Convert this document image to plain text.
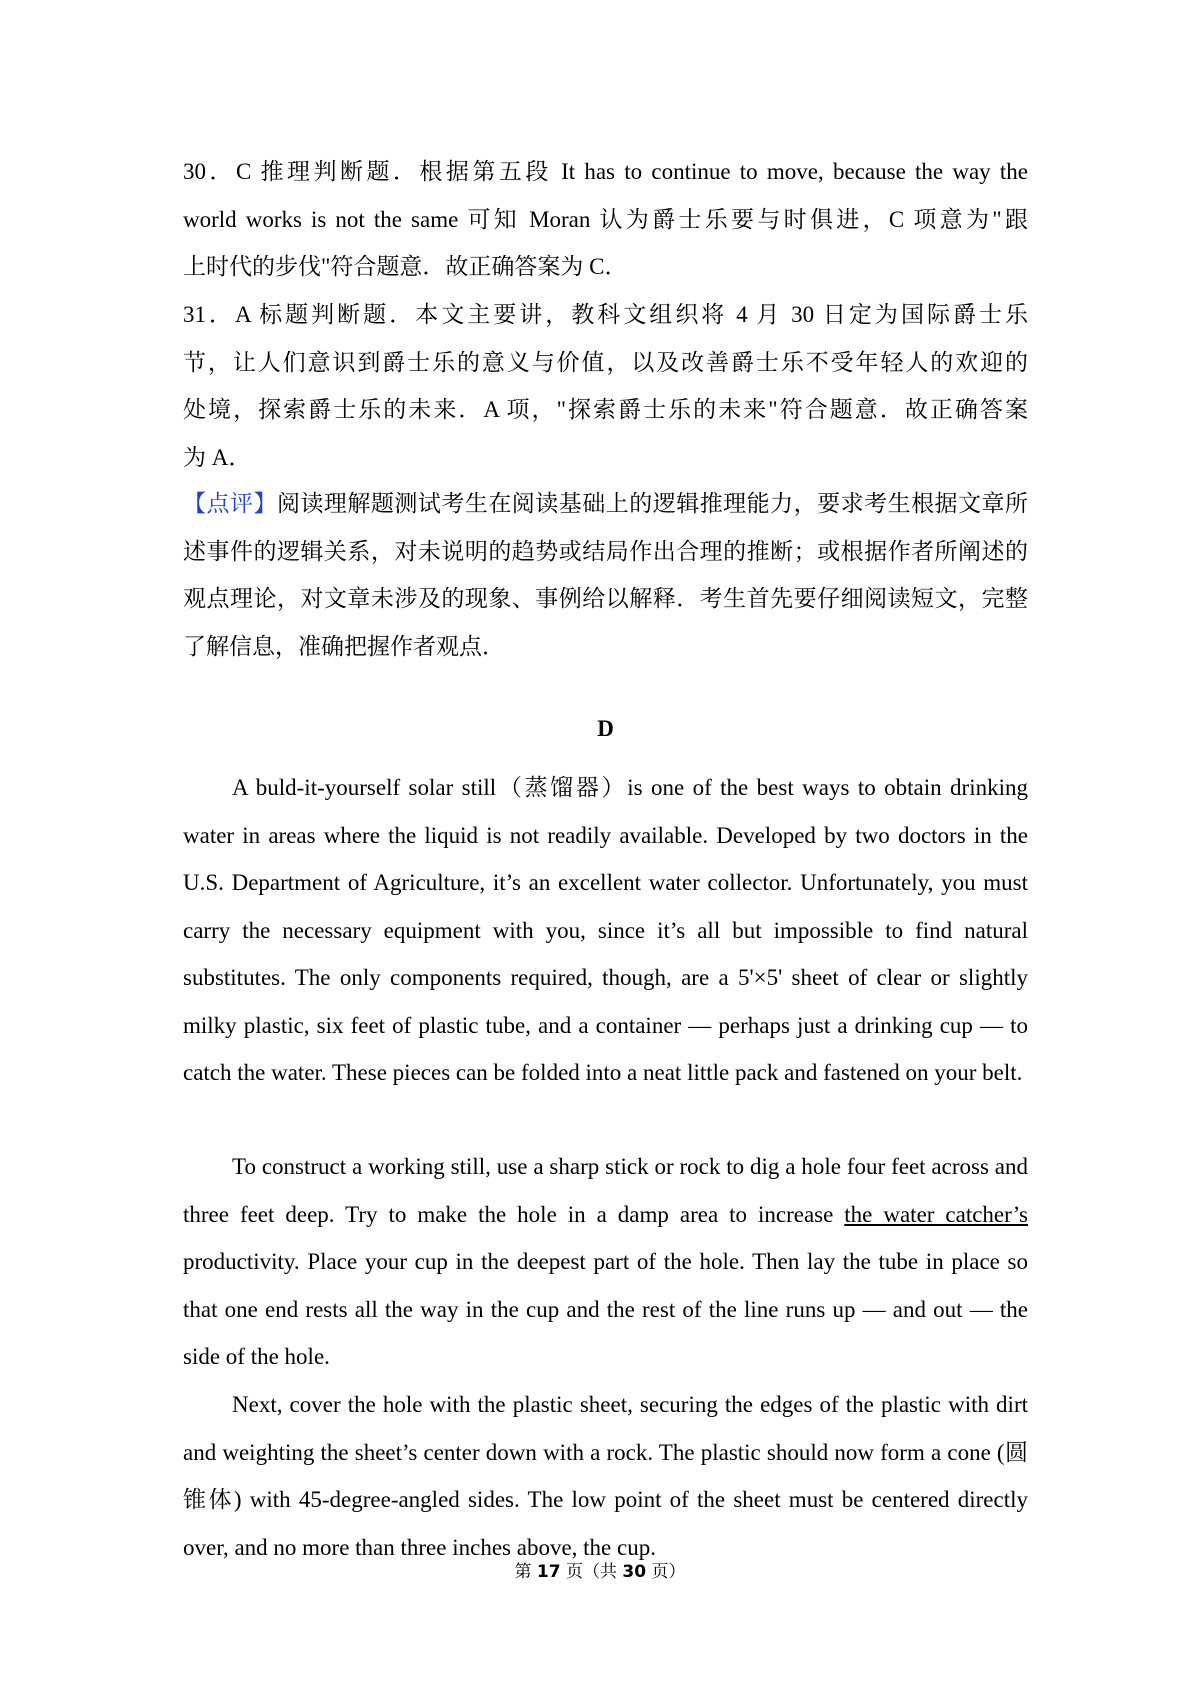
30．C 推理判断题．根据第五段 It has to continue to move, because the way the
world works is not the same 可知 Moran 认为爵士乐要与时俱进，C 项意为"跟
上时代的步伐"符合题意．故正确答案为 C．
31．A 标题判断题．本文主要讲，教科文组织将 4 月 30 日定为国际爵士乐
节，让人们意识到爵士乐的意义与价值，以及改善爵士乐不受年轻人的欢迎的
处境，探索爵士乐的未来．A 项，"探索爵士乐的未来"符合题意．故正确答案
为 A．
【点评】阅读理解题测试考生在阅读基础上的逻辑推理能力，要求考生根据文章所述事件的逻辑关系，对未说明的趋势或结局作出合理的推断；或根据作者所阐述的观点理论，对文章未涉及的现象、事例给以解释．考生首先要仔细阅读短文，完整了解信息，准确把握作者观点．
D
A buld-it-yourself solar still（蒸馏器）is one of the best ways to obtain drinking water in areas where the liquid is not readily available. Developed by two doctors in the U.S. Department of Agriculture, it’s an excellent water collector. Unfortunately, you must carry the necessary equipment with you, since it’s all but impossible to find natural substitutes. The only components required, though, are a 5'×5' sheet of clear or slightly milky plastic, six feet of plastic tube, and a container — perhaps just a drinking cup — to catch the water. These pieces can be folded into a neat little pack and fastened on your belt.
To construct a working still, use a sharp stick or rock to dig a hole four feet across and three feet deep. Try to make the hole in a damp area to increase the water catcher’s productivity. Place your cup in the deepest part of the hole. Then lay the tube in place so that one end rests all the way in the cup and the rest of the line runs up — and out — the side of the hole.
Next, cover the hole with the plastic sheet, securing the edges of the plastic with dirt and weighting the sheet’s center down with a rock. The plastic should now form a cone (圆锥体) with 45-degree-angled sides. The low point of the sheet must be centered directly over, and no more than three inches above, the cup.
第 17 页（共 30 页）
